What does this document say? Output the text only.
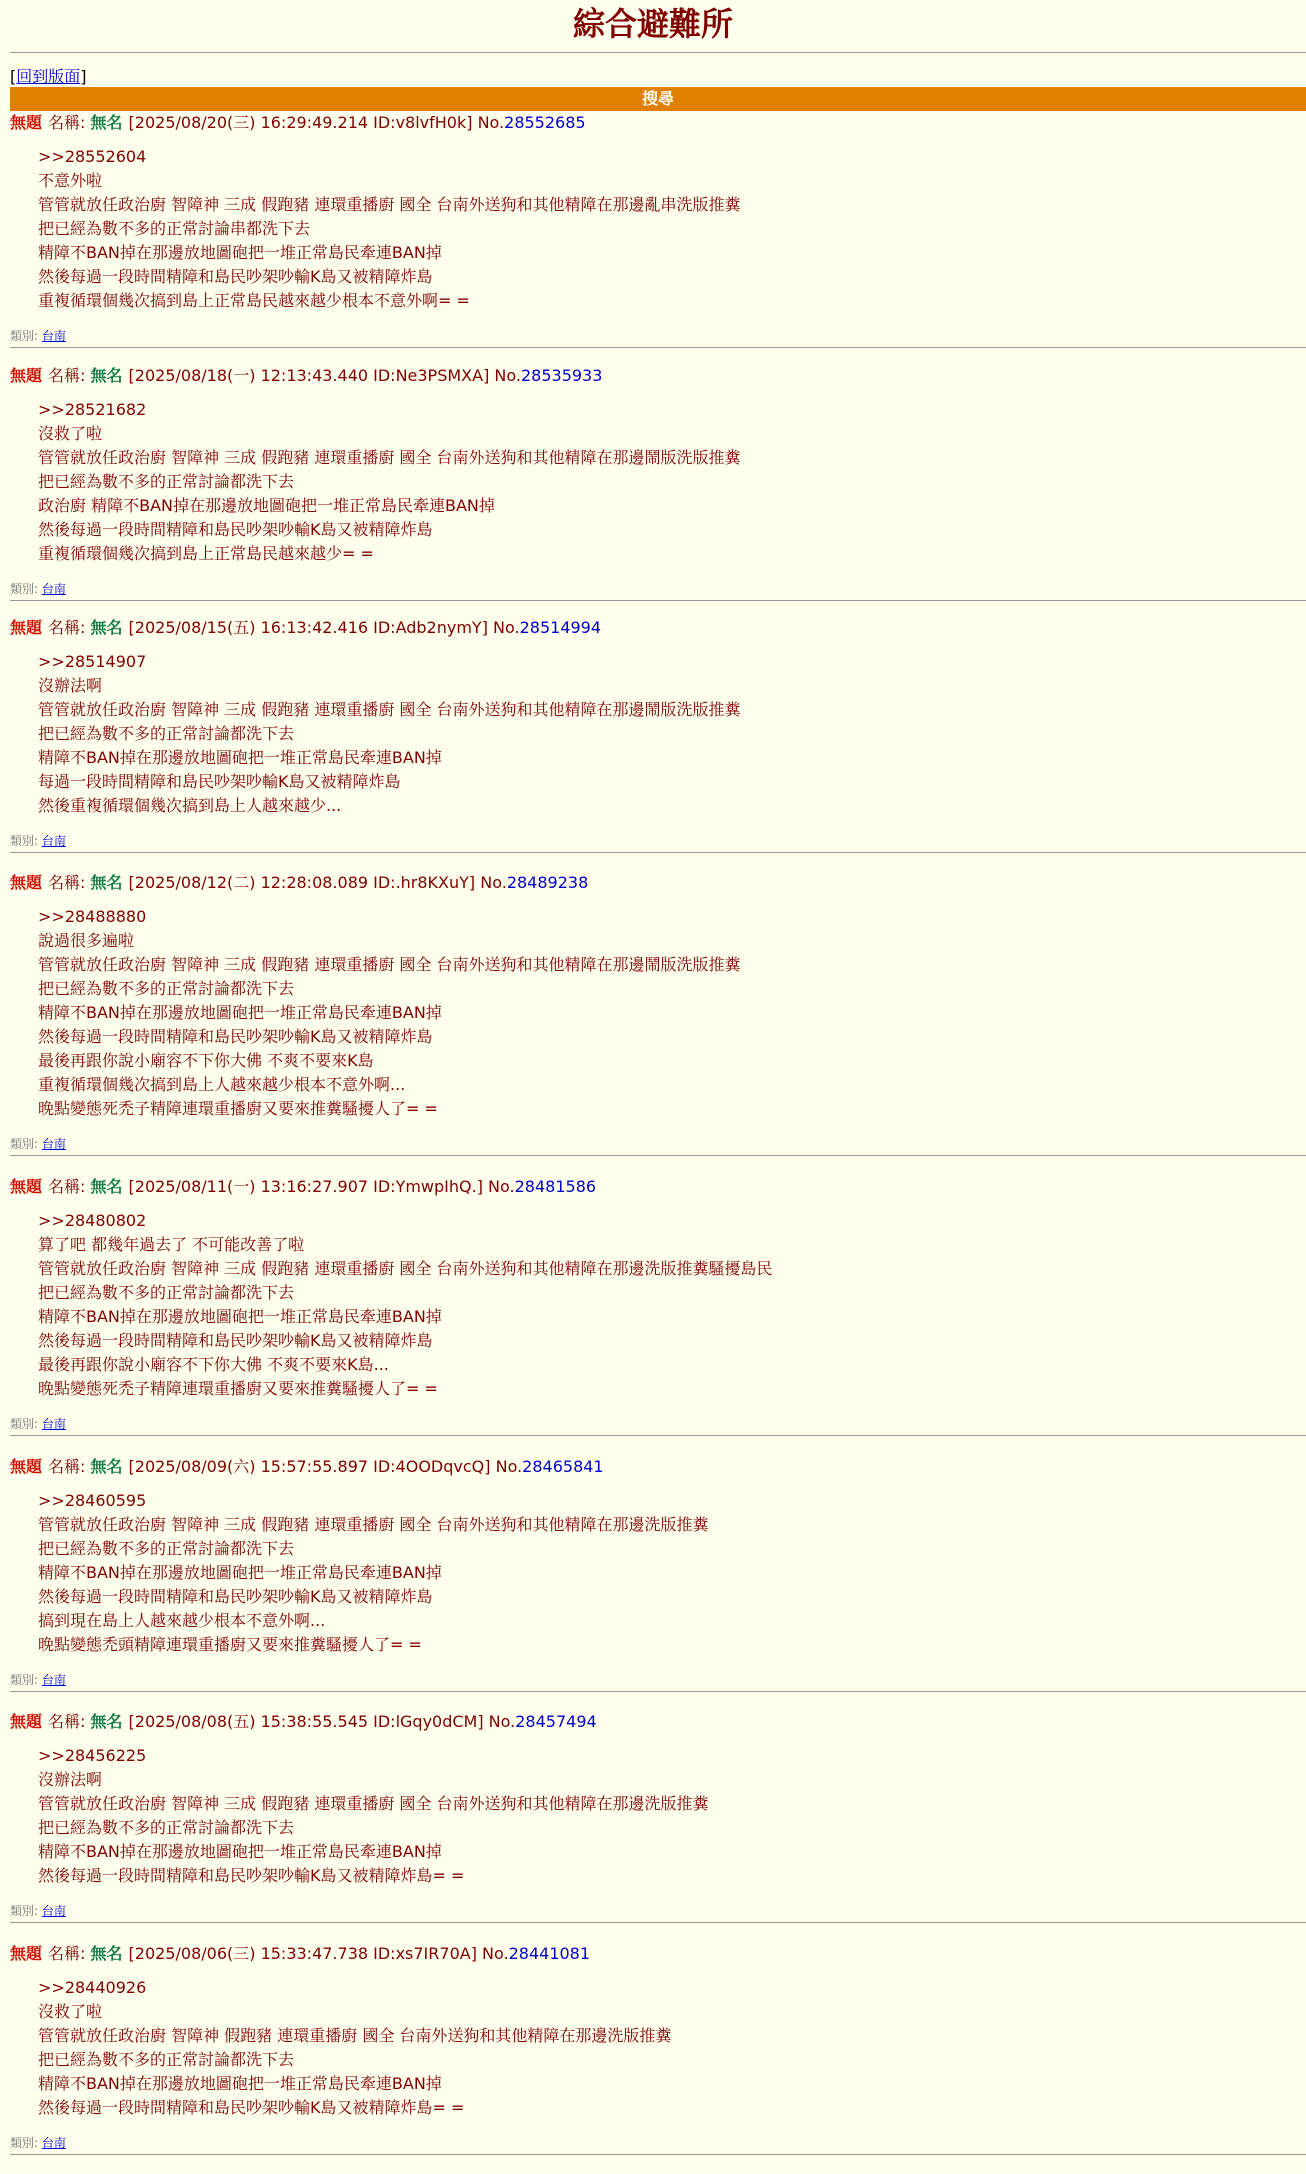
綜合避難所
[回到版面]
搜尋
無題 名稱: 無名 [2025/08/20(三) 16:29:49.214 ID:v8lvfH0k] No.28552685
>>28552604
不意外啦
管管就放任政治廚 智障神 三成 假跑豬 連環重播廚 國全 台南外送狗和其他精障在那邊亂串洗版推糞
把已經為數不多的正常討論串都洗下去
精障不BAN掉在那邊放地圖砲把一堆正常島民牽連BAN掉
然後每過一段時間精障和島民吵架吵輸K島又被精障炸島
重複循環個幾次搞到島上正常島民越來越少根本不意外啊= =
類別: 台南
無題 名稱: 無名 [2025/08/18(一) 12:13:43.440 ID:Ne3PSMXA] No.28535933
>>28521682
沒救了啦
管管就放任政治廚 智障神 三成 假跑豬 連環重播廚 國全 台南外送狗和其他精障在那邊鬧版洗版推糞
把已經為數不多的正常討論都洗下去
政治廚 精障不BAN掉在那邊放地圖砲把一堆正常島民牽連BAN掉
然後每過一段時間精障和島民吵架吵輸K島又被精障炸島
重複循環個幾次搞到島上正常島民越來越少= =
類別: 台南
無題 名稱: 無名 [2025/08/15(五) 16:13:42.416 ID:Adb2nymY] No.28514994
>>28514907
沒辦法啊
管管就放任政治廚 智障神 三成 假跑豬 連環重播廚 國全 台南外送狗和其他精障在那邊鬧版洗版推糞
把已經為數不多的正常討論都洗下去
精障不BAN掉在那邊放地圖砲把一堆正常島民牽連BAN掉
每過一段時間精障和島民吵架吵輸K島又被精障炸島
然後重複循環個幾次搞到島上人越來越少...
類別: 台南
無題 名稱: 無名 [2025/08/12(二) 12:28:08.089 ID:.hr8KXuY] No.28489238
>>28488880
說過很多遍啦
管管就放任政治廚 智障神 三成 假跑豬 連環重播廚 國全 台南外送狗和其他精障在那邊鬧版洗版推糞
把已經為數不多的正常討論都洗下去
精障不BAN掉在那邊放地圖砲把一堆正常島民牽連BAN掉
然後每過一段時間精障和島民吵架吵輸K島又被精障炸島
最後再跟你說小廟容不下你大佛 不爽不要來K島
重複循環個幾次搞到島上人越來越少根本不意外啊...
晚點變態死禿子精障連環重播廚又要來推糞騷擾人了= =
類別: 台南
無題 名稱: 無名 [2025/08/11(一) 13:16:27.907 ID:YmwpIhQ.] No.28481586
>>28480802
算了吧 都幾年過去了 不可能改善了啦
管管就放任政治廚 智障神 三成 假跑豬 連環重播廚 國全 台南外送狗和其他精障在那邊洗版推糞騷擾島民
把已經為數不多的正常討論都洗下去
精障不BAN掉在那邊放地圖砲把一堆正常島民牽連BAN掉
然後每過一段時間精障和島民吵架吵輸K島又被精障炸島
最後再跟你說小廟容不下你大佛 不爽不要來K島...
晚點變態死禿子精障連環重播廚又要來推糞騷擾人了= =
類別: 台南
無題 名稱: 無名 [2025/08/09(六) 15:57:55.897 ID:4OODqvcQ] No.28465841
>>28460595
管管就放任政治廚 智障神 三成 假跑豬 連環重播廚 國全 台南外送狗和其他精障在那邊洗版推糞
把已經為數不多的正常討論都洗下去
精障不BAN掉在那邊放地圖砲把一堆正常島民牽連BAN掉
然後每過一段時間精障和島民吵架吵輸K島又被精障炸島
搞到現在島上人越來越少根本不意外啊...
晚點變態禿頭精障連環重播廚又要來推糞騷擾人了= =
類別: 台南
無題 名稱: 無名 [2025/08/08(五) 15:38:55.545 ID:lGqy0dCM] No.28457494
>>28456225
沒辦法啊
管管就放任政治廚 智障神 三成 假跑豬 連環重播廚 國全 台南外送狗和其他精障在那邊洗版推糞
把已經為數不多的正常討論都洗下去
精障不BAN掉在那邊放地圖砲把一堆正常島民牽連BAN掉
然後每過一段時間精障和島民吵架吵輸K島又被精障炸島= =
類別: 台南
無題 名稱: 無名 [2025/08/06(三) 15:33:47.738 ID:xs7IR70A] No.28441081
>>28440926
沒救了啦
管管就放任政治廚 智障神 假跑豬 連環重播廚 國全 台南外送狗和其他精障在那邊洗版推糞
把已經為數不多的正常討論都洗下去
精障不BAN掉在那邊放地圖砲把一堆正常島民牽連BAN掉
然後每過一段時間精障和島民吵架吵輸K島又被精障炸島= =
類別: 台南
